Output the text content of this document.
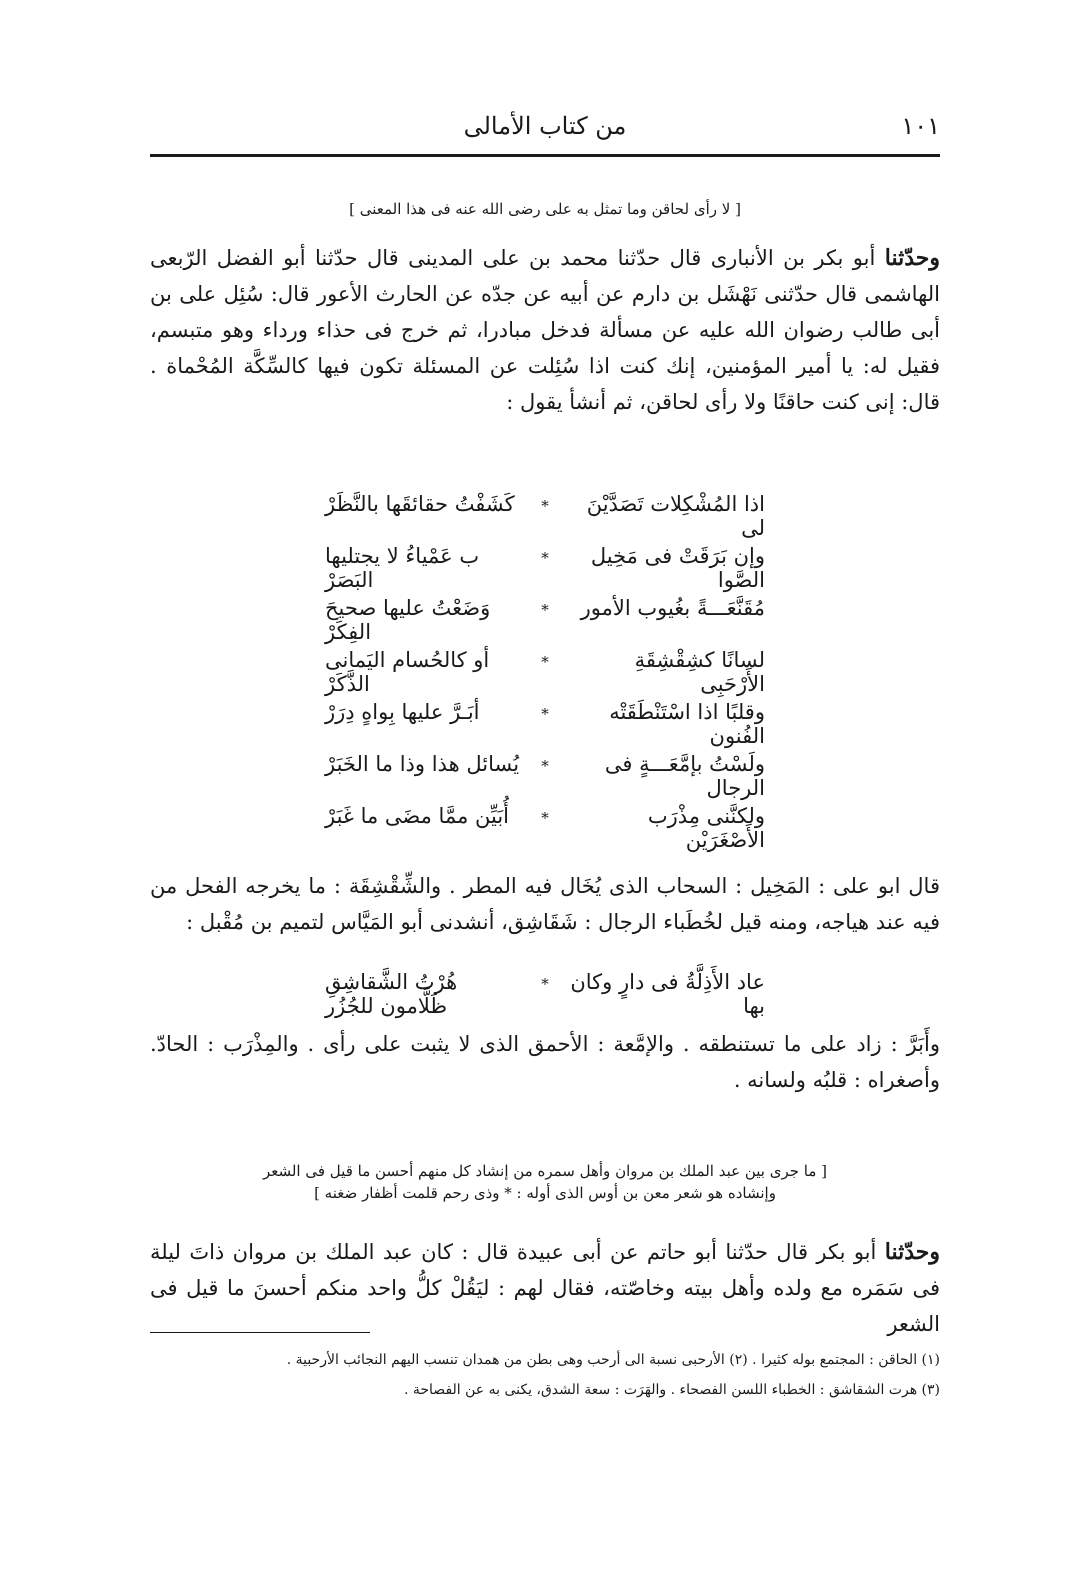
من كتاب الأمالى	١٠١
[ لا رأى لحاقن وما تمثل به على رضى الله عنه فى هذا المعنى ]

وحدّثنا أبو بكر بن الأنبارى قال حدّثنا محمد بن على المدينى قال حدّثنا أبو الفضل الرّبعى الهاشمى قال حدّثنى نَهْشَل بن دارم عن أبيه عن جدّه عن الحارث الأعور قال: سُئِل على بن أبى طالب رضوان الله عليه عن مسألة فدخل مبادرا، ثم خرج فى حذاء ورداء وهو متبسم، فقيل له: يا أمير المؤمنين، إنك كنت اذا سُئِلت عن المسئلة تكون فيها كالسِّكَّة المُحْماة . قال: إنى كنت حاقنًا ولا رأى لحاقن، ثم أنشأ يقول :

اذا المُشْكِلات تَصَدَّيْنَ لى
*
كَشَفْتُ حقائقَها بالنَّظَرْ
وإن بَرَقَتْ فى مَخِيل الصَّوا
*
ب عَمْياءُ لا يجتليها البَصَرْ
مُقَنَّعَـــةً بغُيوب الأمور
*
وَضَعْتُ عليها صحيحَ الفِكَرْ
لسانًا كشِقْشِقَةِ الأَرْحَبِى
*
أو كالحُسام اليَمانى الذَّكَرْ
وقلبًا اذا اسْتَنْطَقَتْه الفُنون
*
أبَـرَّ عليها بِواهٍ دِرَرْ
ولَسْتُ بإمَّعَـــةٍ فى الرجال
*
يُسائل هذا وذا ما الخَبَرْ
ولكنَّنى مِذْرَب الأَصْغَرَيْن
*
أُبَيِّن ممَّا مضَى ما غَبَرْ

قال ابو على : المَخِيل : السحاب الذى يُخَال فيه المطر . والشِّقْشِقَة : ما يخرجه الفحل من فيه عند هياجه، ومنه قيل لخُطَباء الرجال : شَقَاشِق، أنشدنى أبو المَيَّاس لتميم بن مُقْبل :

عاد الأَذِلَّةُ فى دارٍ وكان بها
*
هُرْتُ الشَّقاشِقِ ظَلَّامون للجُزُر

وأَبَرَّ : زاد على ما تستنطقه . والإمَّعة : الأحمق الذى لا يثبت على رأى . والمِذْرَب : الحادّ. وأصغراه : قلبُه ولسانه .

[ ما جرى بين عبد الملك بن مروان وأهل سمره من إنشاد كل منهم أحسن ما قيل فى الشعر
وإنشاده هو شعر معن بن أوس الذى أوله : * وذى رحم قلمت أظفار ضغنه ]

وحدّثنا أبو بكر قال حدّثنا أبو حاتم عن أبى عبيدة قال : كان عبد الملك بن مروان ذاتَ ليلة فى سَمَره مع ولده وأهل بيته وخاصّته، فقال لهم : ليَقُلْ كلُّ واحد منكم أحسنَ ما قيل فى الشعر

(١) الحاقن : المجتمع بوله كثيرا . (٢) الأرحبى نسبة الى أرحب وهى بطن من همدان تنسب اليهم النجائب الأرحبية .

(٣) هرت الشقاشق : الخطباء اللسن الفصحاء . والهَرَت : سعة الشدق، يكنى به عن الفصاحة .
